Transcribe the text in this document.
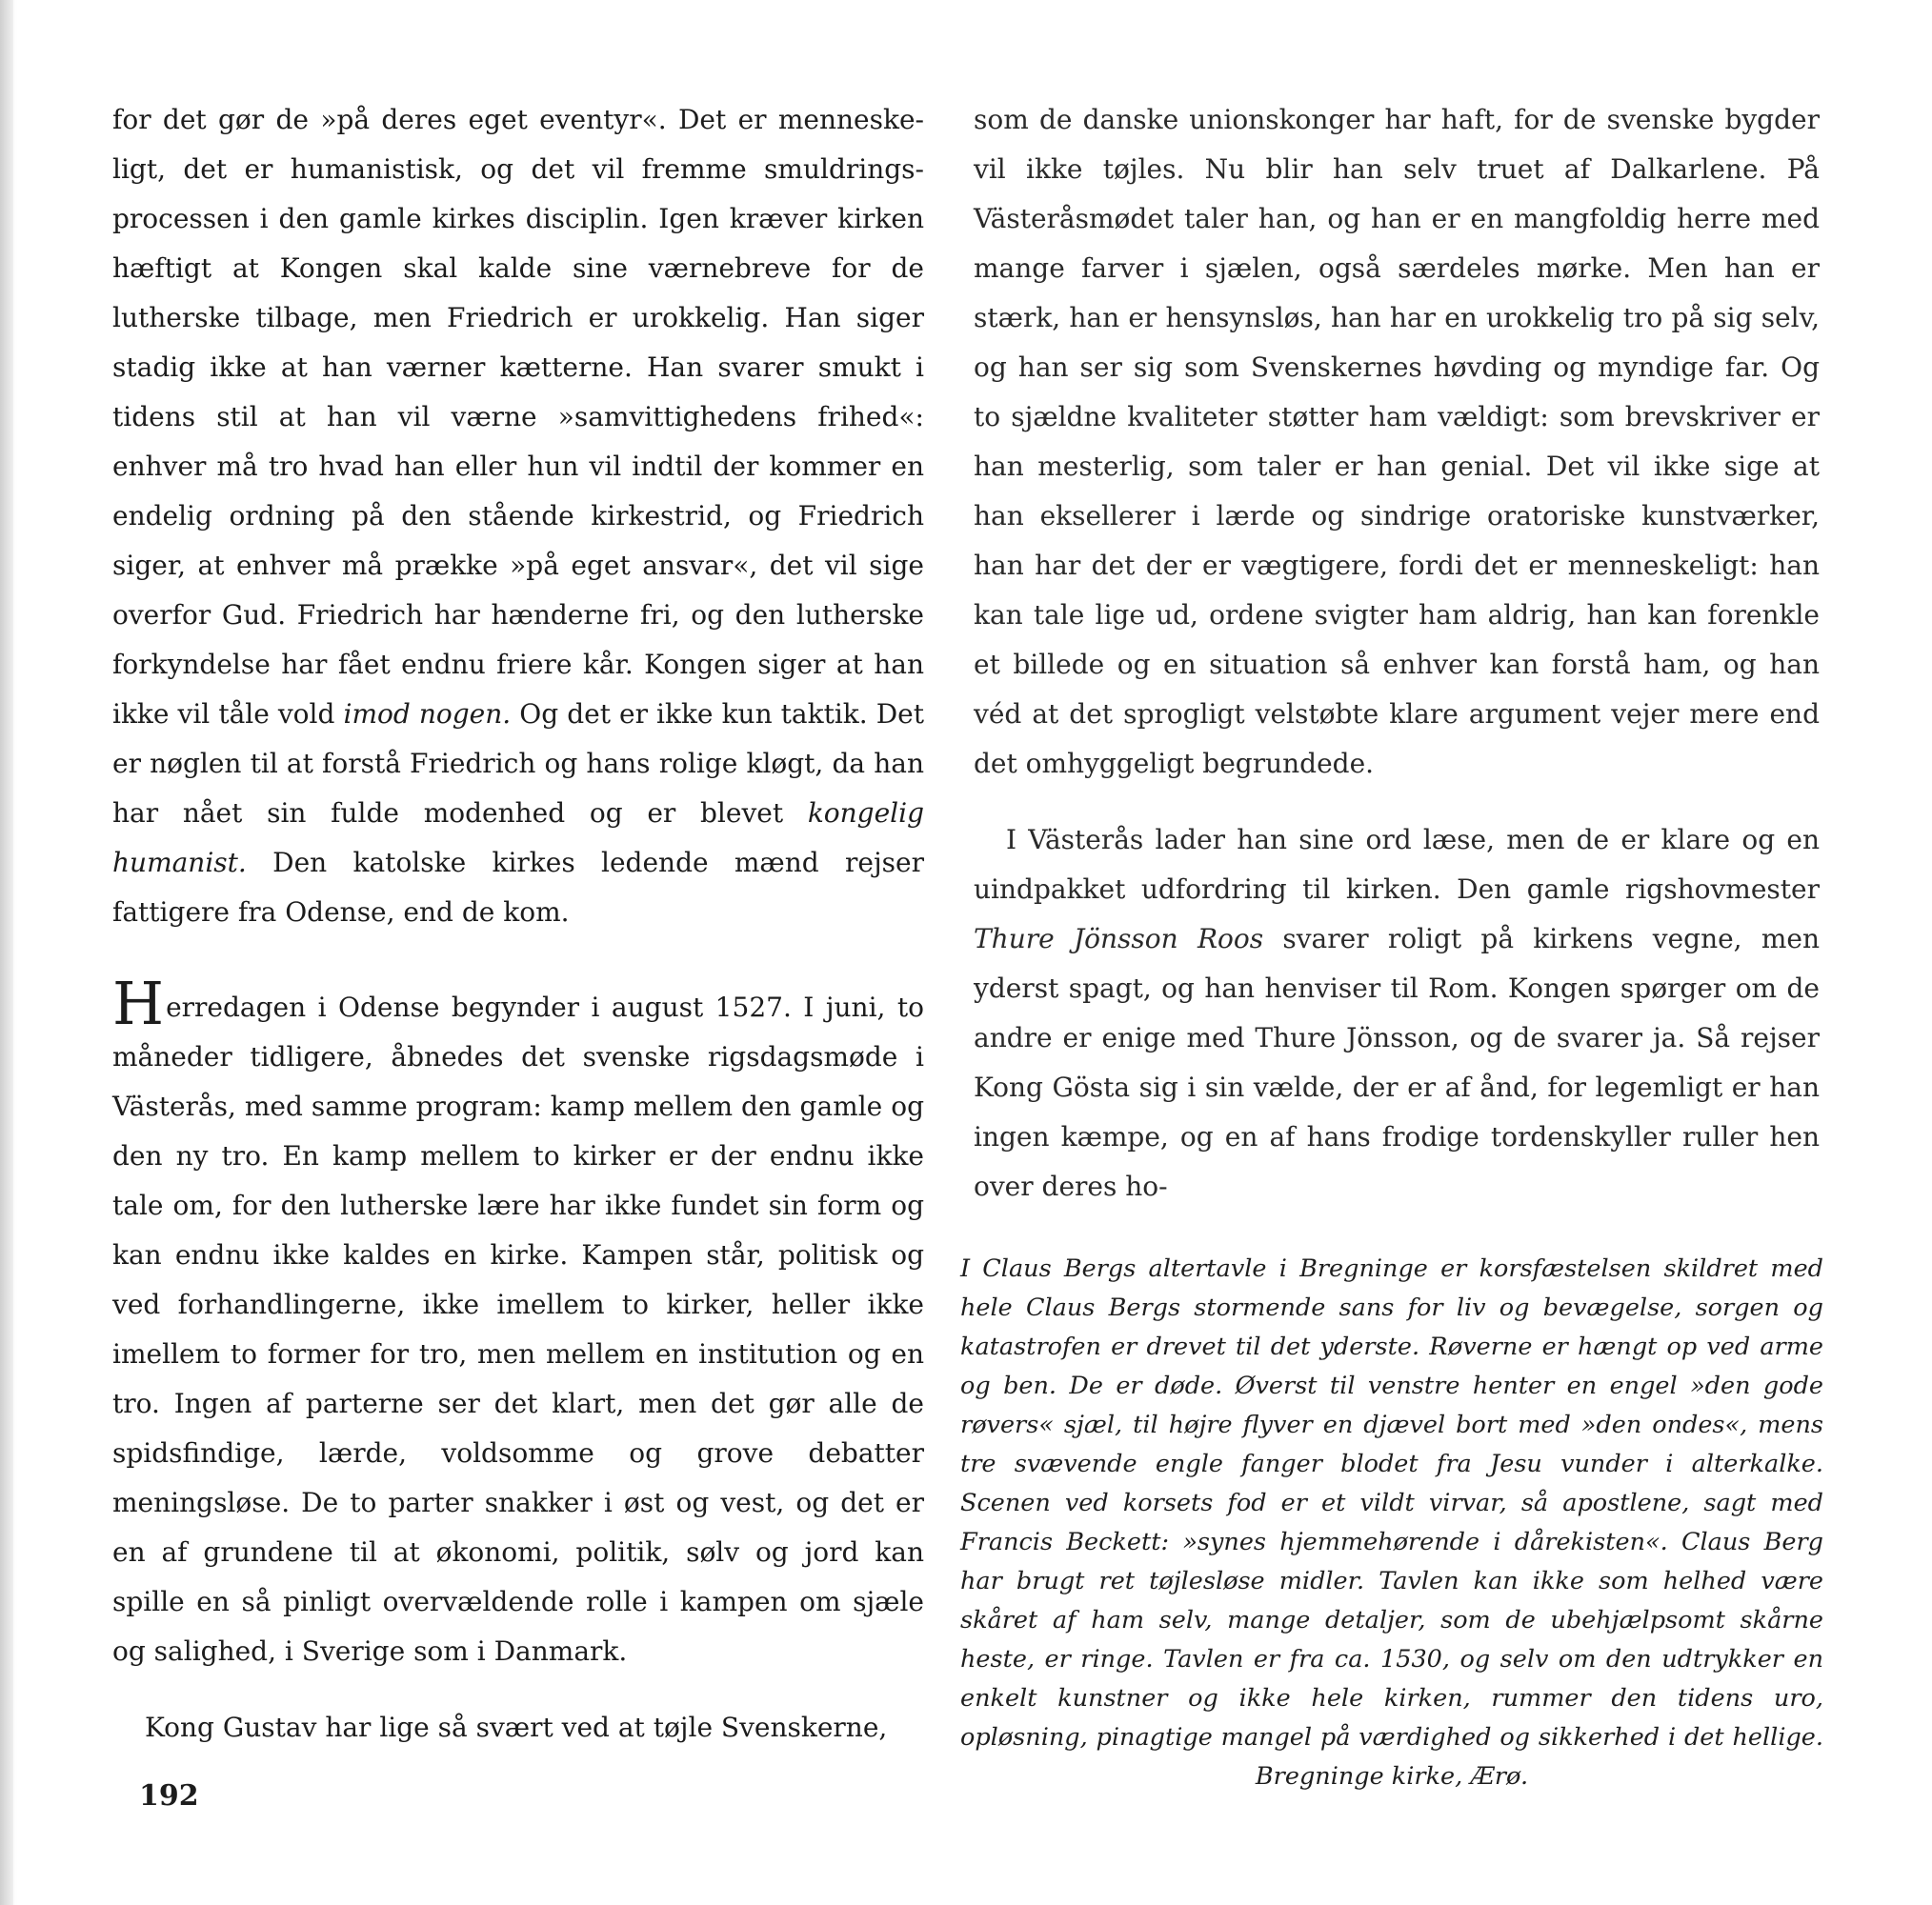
for det gør de »på deres eget eventyr«. Det er menneskeligt, det er humanistisk, og det vil fremme smuldringsprocessen i den gamle kirkes disciplin. Igen kræver kirken hæftigt at Kongen skal kalde sine værnebreve for de lutherske tilbage, men Friedrich er urokkelig. Han siger stadig ikke at han værner kætterne. Han svarer smukt i tidens stil at han vil værne »samvittighedens frihed«: enhver må tro hvad han eller hun vil indtil der kommer en endelig ordning på den stående kirkestrid, og Friedrich siger, at enhver må prække »på eget ansvar«, det vil sige overfor Gud. Friedrich har hænderne fri, og den lutherske forkyndelse har fået endnu friere kår. Kongen siger at han ikke vil tåle vold imod nogen. Og det er ikke kun taktik. Det er nøglen til at forstå Friedrich og hans rolige kløgt, da han har nået sin fulde modenhed og er blevet kongelig humanist. Den katolske kirkes ledende mænd rejser fattigere fra Odense, end de kom.

Herredagen i Odense begynder i august 1527. I juni, to måneder tidligere, åbnedes det svenske rigsdagsmøde i Västerås, med samme program: kamp mellem den gamle og den ny tro. En kamp mellem to kirker er der endnu ikke tale om, for den lutherske lære har ikke fundet sin form og kan endnu ikke kaldes en kirke. Kampen står, politisk og ved forhandlingerne, ikke imellem to kirker, heller ikke imellem to former for tro, men mellem en institution og en tro. Ingen af parterne ser det klart, men det gør alle de spidsfindige, lærde, voldsomme og grove debatter meningsløse. De to parter snakker i øst og vest, og det er en af grundene til at økonomi, politik, sølv og jord kan spille en så pinligt overvældende rolle i kampen om sjæle og salighed, i Sverige som i Danmark.

Kong Gustav har lige så svært ved at tøjle Svenskerne,

som de danske unionskonger har haft, for de svenske bygder vil ikke tøjles. Nu blir han selv truet af Dalkarlene. På Västeråsmødet taler han, og han er en mangfoldig herre med mange farver i sjælen, også særdeles mørke. Men han er stærk, han er hensynsløs, han har en urokkelig tro på sig selv, og han ser sig som Svenskernes høvding og myndige far. Og to sjældne kvaliteter støtter ham vældigt: som brevskriver er han mesterlig, som taler er han genial. Det vil ikke sige at han eksellerer i lærde og sindrige oratoriske kunstværker, han har det der er vægtigere, fordi det er menneskeligt: han kan tale lige ud, ordene svigter ham aldrig, han kan forenkle et billede og en situation så enhver kan forstå ham, og han véd at det sprogligt velstøbte klare argument vejer mere end det omhyggeligt begrundede.

I Västerås lader han sine ord læse, men de er klare og en uindpakket udfordring til kirken. Den gamle rigshovmester Thure Jönsson Roos svarer roligt på kirkens vegne, men yderst spagt, og han henviser til Rom. Kongen spørger om de andre er enige med Thure Jönsson, og de svarer ja. Så rejser Kong Gösta sig i sin vælde, der er af ånd, for legemligt er han ingen kæmpe, og en af hans frodige tordenskyller ruller hen over deres ho-

I Claus Bergs altertavle i Bregninge er korsfæstelsen skildret med hele Claus Bergs stormende sans for liv og bevægelse, sorgen og katastrofen er drevet til det yderste. Røverne er hængt op ved arme og ben. De er døde. Øverst til venstre henter en engel »den gode røvers« sjæl, til højre flyver en djævel bort med »den ondes«, mens tre svævende engle fanger blodet fra Jesu vunder i alterkalke. Scenen ved korsets fod er et vildt virvar, så apostlene, sagt med Francis Beckett: »synes hjemmehørende i dårekisten«. Claus Berg har brugt ret tøjlesløse midler. Tavlen kan ikke som helhed være skåret af ham selv, mange detaljer, som de ubehjælpsomt skårne heste, er ringe. Tavlen er fra ca. 1530, og selv om den udtrykker en enkelt kunstner og ikke hele kirken, rummer den tidens uro, opløsning, pinagtige mangel på værdighed og sikkerhed i det hellige. Bregninge kirke, Ærø.
192
